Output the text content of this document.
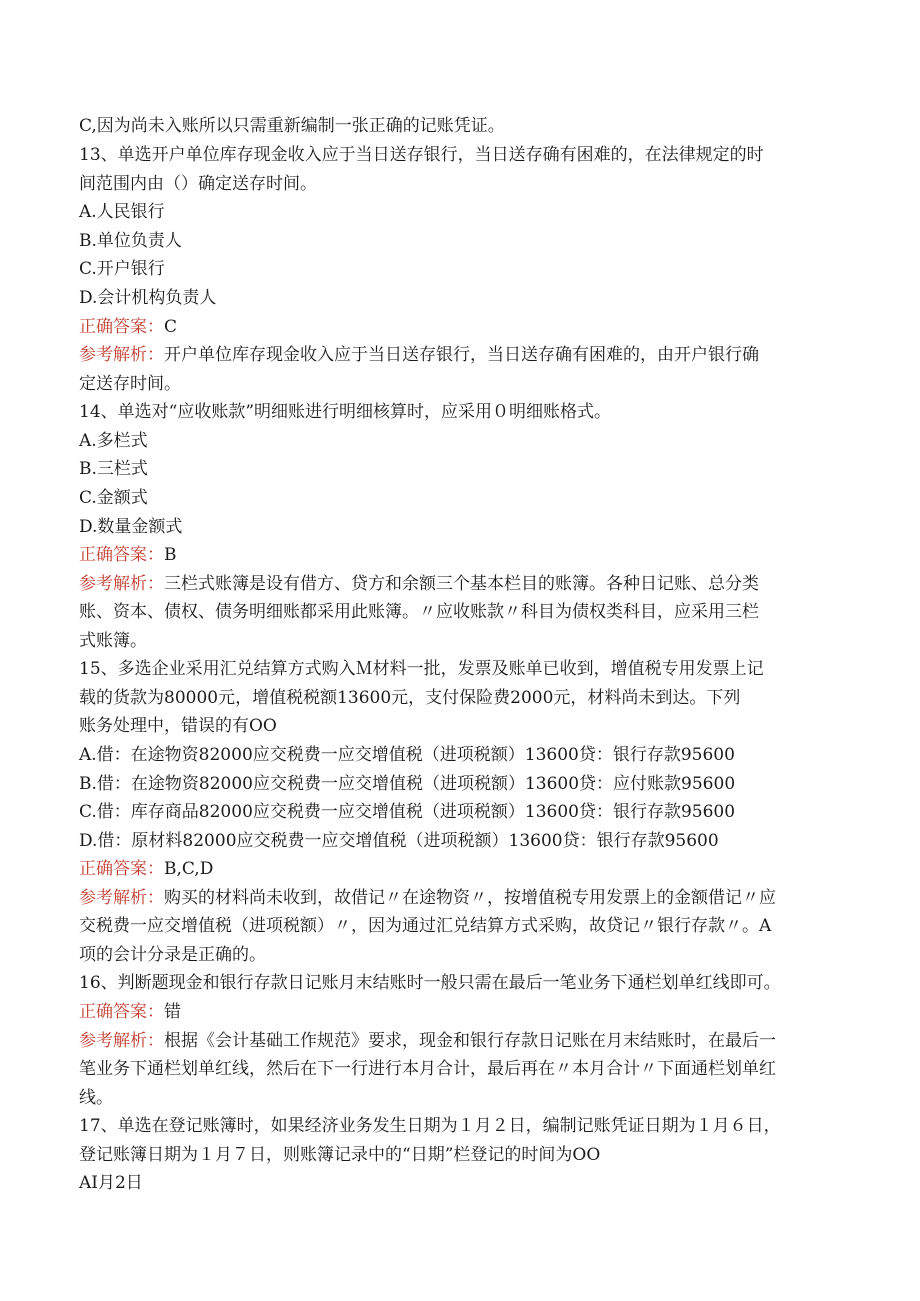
C,因为尚未入账所以只需重新编制一张正确的记账凭证。
13、单选开户单位库存现金收入应于当日送存银行，当日送存确有困难的，在法律规定的时
间范围内由（）确定送存时间。
A.人民银行
B.单位负责人
C.开户银行
D.会计机构负责人
正确答案：C
参考解析：开户单位库存现金收入应于当日送存银行，当日送存确有困难的，由开户银行确
定送存时间。
14、单选对“应收账款”明细账进行明细核算时，应采用０明细账格式。
A.多栏式
B.三栏式
C.金额式
D.数量金额式
正确答案：B
参考解析：三栏式账簿是设有借方、贷方和余额三个基本栏目的账簿。各种日记账、总分类
账、资本、债权、债务明细账都采用此账簿。〃应收账款〃科目为债权类科目，应采用三栏
式账簿。
15、多选企业采用汇兑结算方式购入Ｍ材料一批，发票及账单已收到，增值税专用发票上记
载的货款为80000元，增值税税额13600元，支付保险费2000元，材料尚未到达。下列
账务处理中，错误的有OO
A.借：在途物资82000应交税费一应交增值税（进项税额）13600贷：银行存款95600
B.借：在途物资82000应交税费一应交增值税（进项税额）13600贷：应付账款95600
C.借：库存商品82000应交税费一应交增值税（进项税额）13600贷：银行存款95600
D.借：原材料82000应交税费一应交增值税（进项税额）13600贷：银行存款95600
正确答案：B,C,D
参考解析：购买的材料尚未收到，故借记〃在途物资〃，按增值税专用发票上的金额借记〃应
交税费一应交增值税（进项税额）〃，因为通过汇兑结算方式采购，故贷记〃银行存款〃。A
项的会计分录是正确的。
16、判断题现金和银行存款日记账月末结账时一般只需在最后一笔业务下通栏划单红线即可。
正确答案：错
参考解析：根据《会计基础工作规范》要求，现金和银行存款日记账在月末结账时，在最后一
笔业务下通栏划单红线，然后在下一行进行本月合计，最后再在〃本月合计〃下面通栏划单红
线。
17、单选在登记账簿时，如果经济业务发生日期为１月２日，编制记账凭证日期为１月６日，
登记账簿日期为１月７日，则账簿记录中的“日期”栏登记的时间为OO
AI月2日
